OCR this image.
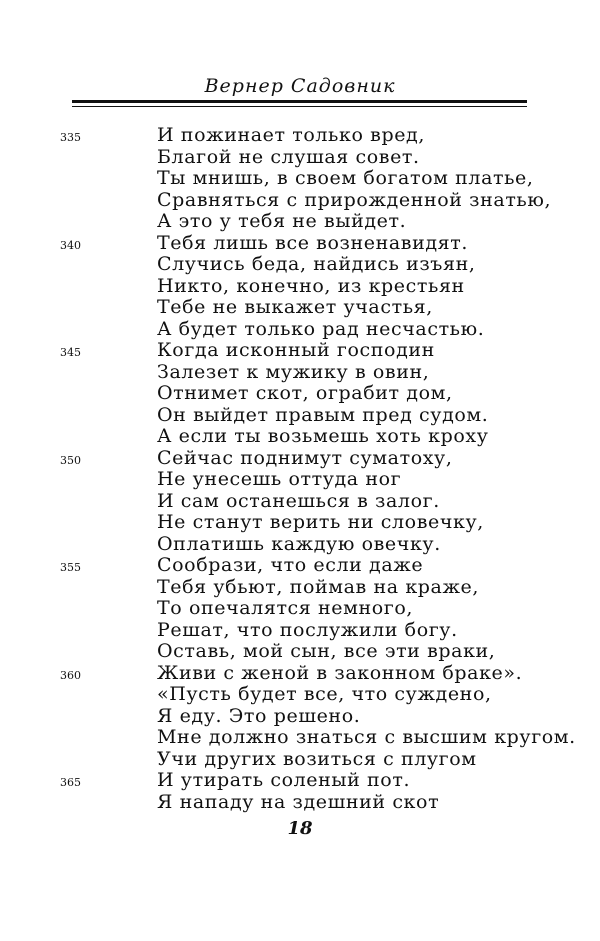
Вернер Садовник
335	И пожинает только вред,
Благой не слушая совет.
Ты мнишь, в своем богатом платье,
Сравняться с прирожденной знатью,
А это у тебя не выйдет.
340	Тебя лишь все возненавидят.
Случись беда, найдись изъян,
Никто, конечно, из крестьян
Тебе не выкажет участья,
А будет только рад несчастью.
345	Когда исконный господин
Залезет к мужику в овин,
Отнимет скот, ограбит дом,
Он выйдет правым пред судом.
А если ты возьмешь хоть кроху
350	Сейчас поднимут суматоху,
Не унесешь оттуда ног
И сам останешься в залог.
Не станут верить ни словечку,
Оплатишь каждую овечку.
355	Сообрази, что если даже
Тебя убьют, поймав на краже,
То опечалятся немного,
Решат, что послужили богу.
Оставь, мой сын, все эти враки,
360	Живи с женой в законном браке».
«Пусть будет все, что суждено,
Я еду. Это решено.
Мне должно знаться с высшим кругом.
Учи других возиться с плугом
365	И утирать соленый пот.
Я нападу на здешний скот
18
